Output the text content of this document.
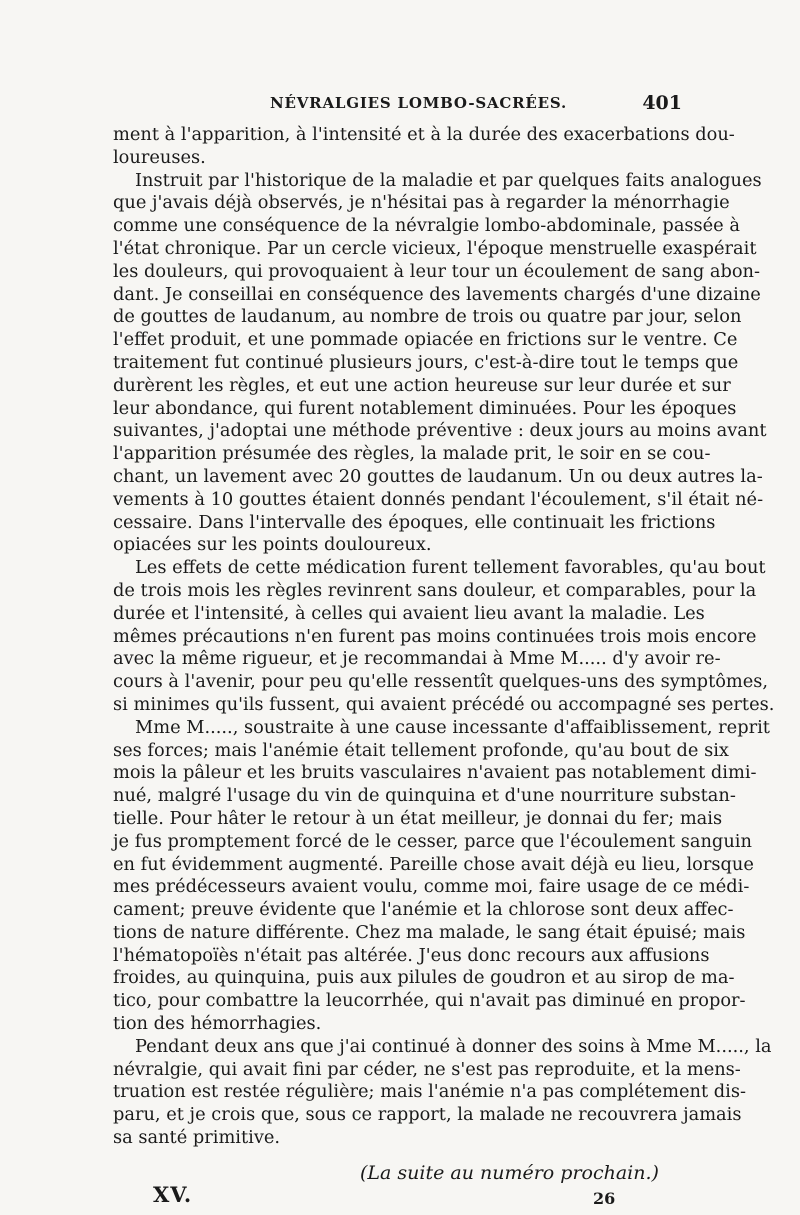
NÉVRALGIES LOMBO-SACRÉES.	401
ment à l'apparition, à l'intensité et à la durée des exacerbations dou-
loureuses.
Instruit par l'historique de la maladie et par quelques faits analogues
que j'avais déjà observés, je n'hésitai pas à regarder la ménorrhagie
comme une conséquence de la névralgie lombo-abdominale, passée à
l'état chronique. Par un cercle vicieux, l'époque menstruelle exaspérait
les douleurs, qui provoquaient à leur tour un écoulement de sang abon-
dant. Je conseillai en conséquence des lavements chargés d'une dizaine
de gouttes de laudanum, au nombre de trois ou quatre par jour, selon
l'effet produit, et une pommade opiacée en frictions sur le ventre. Ce
traitement fut continué plusieurs jours, c'est-à-dire tout le temps que
durèrent les règles, et eut une action heureuse sur leur durée et sur
leur abondance, qui furent notablement diminuées. Pour les époques
suivantes, j'adoptai une méthode préventive : deux jours au moins avant
l'apparition présumée des règles, la malade prit, le soir en se cou-
chant, un lavement avec 20 gouttes de laudanum. Un ou deux autres la-
vements à 10 gouttes étaient donnés pendant l'écoulement, s'il était né-
cessaire. Dans l'intervalle des époques, elle continuait les frictions
opiacées sur les points douloureux.
Les effets de cette médication furent tellement favorables, qu'au bout
de trois mois les règles revinrent sans douleur, et comparables, pour la
durée et l'intensité, à celles qui avaient lieu avant la maladie. Les
mêmes précautions n'en furent pas moins continuées trois mois encore
avec la même rigueur, et je recommandai à Mme M..... d'y avoir re-
cours à l'avenir, pour peu qu'elle ressentît quelques-uns des symptômes,
si minimes qu'ils fussent, qui avaient précédé ou accompagné ses pertes.
Mme M....., soustraite à une cause incessante d'affaiblissement, reprit
ses forces; mais l'anémie était tellement profonde, qu'au bout de six
mois la pâleur et les bruits vasculaires n'avaient pas notablement dimi-
nué, malgré l'usage du vin de quinquina et d'une nourriture substan-
tielle. Pour hâter le retour à un état meilleur, je donnai du fer; mais
je fus promptement forcé de le cesser, parce que l'écoulement sanguin
en fut évidemment augmenté. Pareille chose avait déjà eu lieu, lorsque
mes prédécesseurs avaient voulu, comme moi, faire usage de ce médi-
cament; preuve évidente que l'anémie et la chlorose sont deux affec-
tions de nature différente. Chez ma malade, le sang était épuisé; mais
l'hématopoïès n'était pas altérée. J'eus donc recours aux affusions
froides, au quinquina, puis aux pilules de goudron et au sirop de ma-
tico, pour combattre la leucorrhée, qui n'avait pas diminué en propor-
tion des hémorrhagies.
Pendant deux ans que j'ai continué à donner des soins à Mme M....., la
névralgie, qui avait fini par céder, ne s'est pas reproduite, et la mens-
truation est restée régulière; mais l'anémie n'a pas complétement dis-
paru, et je crois que, sous ce rapport, la malade ne recouvrera jamais
sa santé primitive.
(La suite au numéro prochain.)
XV.	26
